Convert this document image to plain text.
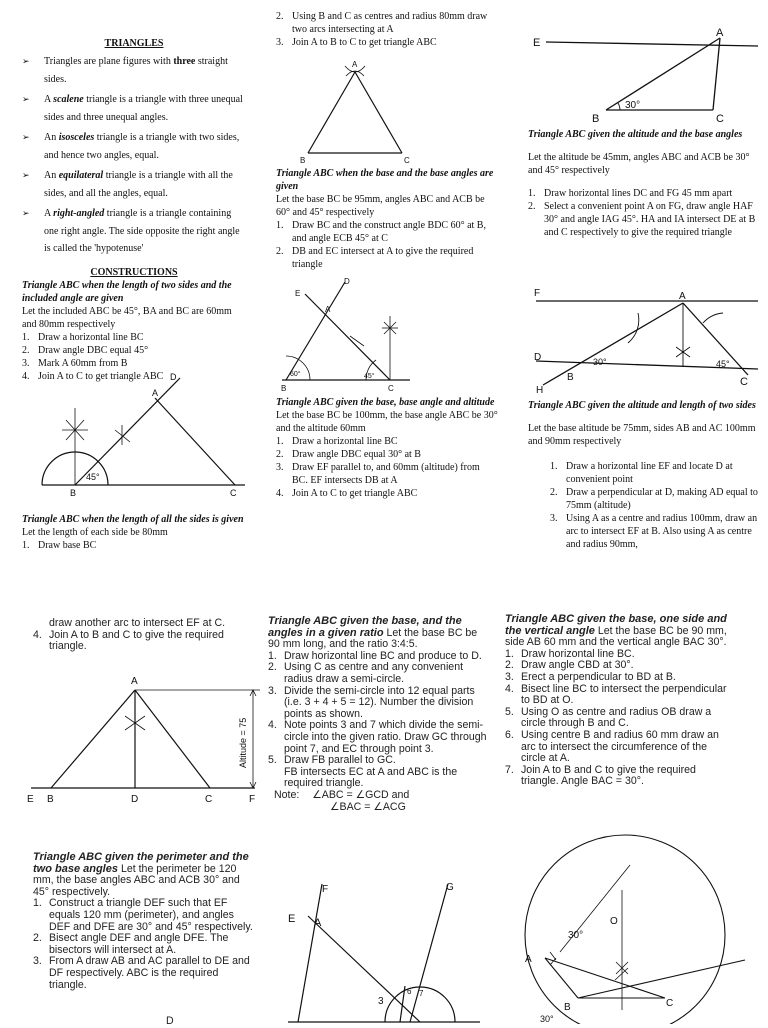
TRIANGLES

➢ Triangles are plane figures with three straight sides.
➢ A scalene triangle is a triangle with three unequal sides and three unequal angles.
➢ An isosceles triangle is a triangle with two sides, and hence two angles, equal.
➢ An equilateral triangle is a triangle with all the sides, and all the angles, equal.
➢ A right-angled triangle is a triangle containing one right angle. The side opposite the right angle is called the 'hypotenuse'

CONSTRUCTIONS

Triangle ABC when the length of two sides and the included angle are given

Let the included ABC be 45°, BA and BC are 60mm and 80mm respectively

1. Draw a horizontal line BC
2. Draw angle DBC equal 45°
3. Mark A 60mm from B
4. Join A to C to get triangle ABC D
A
B	C
45°

Triangle ABC when the length of all the sides is given

Let the length of each side be 80mm

1. Draw base BC
2. Using B and C as centres and radius 80mm draw two arcs intersecting at A
3. Join A to B to C to get triangle ABC
A
B	C

Triangle ABC when the base and the base angles are given

Let the base BC be 95mm, angles ABC and ACB be 60° and 45° respectively

1. Draw BC and the construct angle BDC 60° at B, and angle ECB 45° at C
2. DB and EC intersect at A to give the required triangle
D
E
A
B	C
60°	45°

Triangle ABC given the base, base angle and altitude

Let the base BC be 100mm, the base angle ABC be 30° and the altitude 60mm

1. Draw a horizontal line BC
2. Draw angle DBC equal 30° at B
3. Draw EF parallel to, and 60mm (altitude) from BC. EF intersects DB at A
4. Join A to C to get triangle ABC
E
A
B	C
30°

Triangle ABC given the altitude and the base angles

Let the altitude be 45mm, angles ABC and ACB be 30° and 45° respectively

1. Draw horizontal lines DC and FG 45 mm apart
2. Select a convenient point A on FG, draw angle HAF 30° and angle IAG 45°. HA and IA intersect DE at B and C respectively to give the required triangle
F	A
D
B
H
C
30°	45°

Triangle ABC given the altitude and length of two sides

Let the base altitude be 75mm, sides AB and AC 100mm and 90mm respectively

1. Draw a horizontal line EF and locate D at convenient point
2. Draw a perpendicular at D, making AD equal to 75mm (altitude)
3. Using A as a centre and radius 100mm, draw an arc to intersect EF at B. Also using A as centre and radius 90mm,

draw another arc to intersect EF at C.

4. Join A to B and C to give the required triangle.
A
E B	D	C	F
Altitude = 75

Triangle ABC given the perimeter and the two base angles Let the perimeter be 120 mm, the base angles ABC and ACB 30° and 45° respectively.

1. Construct a triangle DEF such that EF equals 120 mm (perimeter), and angles DEF and DFE are 30° and 45° respectively.
2. Bisect angle DEF and angle DFE. The bisectors will intersect at A.
3. From A draw AB and AC parallel to DE and DF respectively. ABC is the required triangle.
D

Triangle ABC given the base, and the angles in a given ratio Let the base BC be 90 mm long, and the ratio 3:4:5.

1. Draw horizontal line BC and produce to D.
2. Using C as centre and any convenient radius draw a semi-circle.
3. Divide the semi-circle into 12 equal parts (i.e. 3 + 4 + 5 = 12). Number the division points as shown.
4. Note points 3 and 7 which divide the semi-circle into the given ratio. Draw GC through point 7, and EC through point 3.
5. Draw FB parallel to GC.

FB intersects EC at A and ABC is the required triangle.

Note: ∠ABC = ∠GCD and

∠BAC = ∠ACG

F	G
E A
3
6 7

Triangle ABC given the base, one side and the vertical angle Let the base BC be 90 mm, side AB 60 mm and the vertical angle BAC 30°.

1. Draw horizontal line BC.
2. Draw angle CBD at 30°.
3. Erect a perpendicular to BD at B.
4. Bisect line BC to intersect the perpendicular to BD at O.
5. Using O as centre and radius OB draw a circle through B and C.
6. Using centre B and radius 60 mm draw an arc to intersect the circumference of the circle at A.
7. Join A to B and C to give the required triangle. Angle BAC = 30°.
O
30°
A
B	C
30°
